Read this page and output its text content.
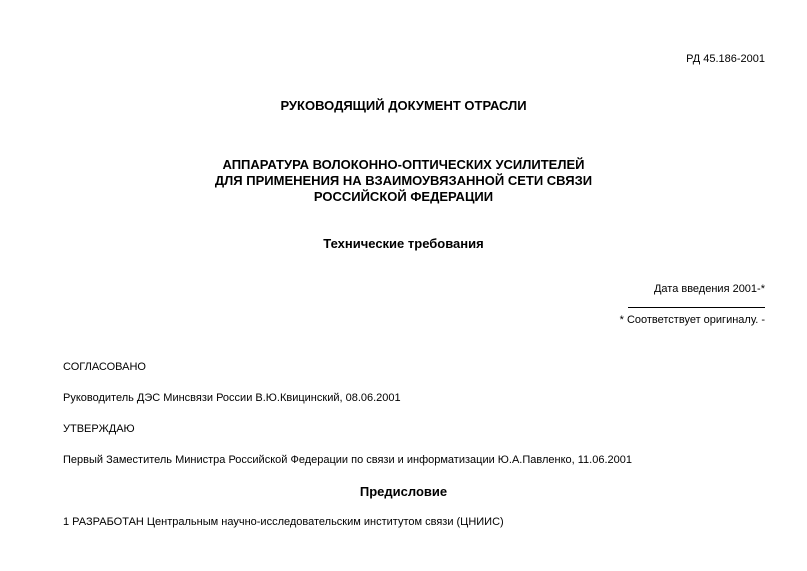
РД 45.186-2001
РУКОВОДЯЩИЙ ДОКУМЕНТ ОТРАСЛИ
АППАРАТУРА ВОЛОКОННО-ОПТИЧЕСКИХ УСИЛИТЕЛЕЙ
ДЛЯ ПРИМЕНЕНИЯ НА ВЗАИМОУВЯЗАННОЙ СЕТИ СВЯЗИ
РОССИЙСКОЙ ФЕДЕРАЦИИ
Технические требования
Дата введения 2001-*
* Соответствует оригиналу. -
СОГЛАСОВАНО
Руководитель ДЭС Минсвязи России В.Ю.Квицинский, 08.06.2001
УТВЕРЖДАЮ
Первый Заместитель Министра Российской Федерации по связи и информатизации Ю.А.Павленко, 11.06.2001
Предисловие
1 РАЗРАБОТАН Центральным научно-исследовательским институтом связи (ЦНИИС)
